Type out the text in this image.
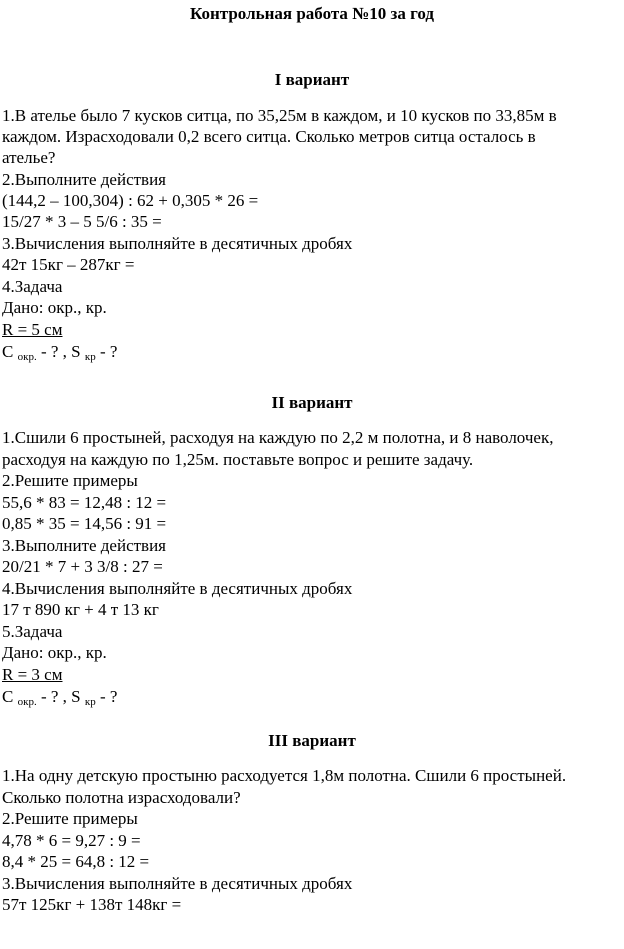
Контрольная работа №10 за год
I вариант
1.В ателье было 7 кусков ситца, по 35,25м в каждом, и 10 кусков по 33,85м в
каждом. Израсходовали 0,2 всего ситца. Сколько метров ситца осталось в
ателье?
2.Выполните действия
(144,2 – 100,304) : 62 + 0,305 * 26 =
15/27 * 3 – 5 5/6 : 35 =
3.Вычисления выполняйте в десятичных дробях
42т 15кг – 287кг =
4.Задача
Дано: окр., кр.
R = 5 см
C $_{окр.}$ - ? , S $_{кр}$ - ?
II вариант
1.Сшили 6 простыней, расходуя на каждую по 2,2 м полотна, и 8 наволочек,
расходуя на каждую по 1,25м. поставьте вопрос и решите задачу.
2.Решите примеры
55,6 * 83 = 12,48 : 12 =
0,85 * 35 = 14,56 : 91 =
3.Выполните действия
20/21 * 7 + 3 3/8 : 27 =
4.Вычисления выполняйте в десятичных дробях
17 т 890 кг + 4 т 13 кг
5.Задача
Дано: окр., кр.
R = 3 см
C $_{окр.}$ - ? , S $_{кр}$ - ?
III вариант
1.На одну детскую простыню расходуется 1,8м полотна. Сшили 6 простыней.
Сколько полотна израсходовали?
2.Решите примеры
4,78 * 6 = 9,27 : 9 =
8,4 * 25 = 64,8 : 12 =
3.Вычисления выполняйте в десятичных дробях
57т 125кг + 138т 148кг =
